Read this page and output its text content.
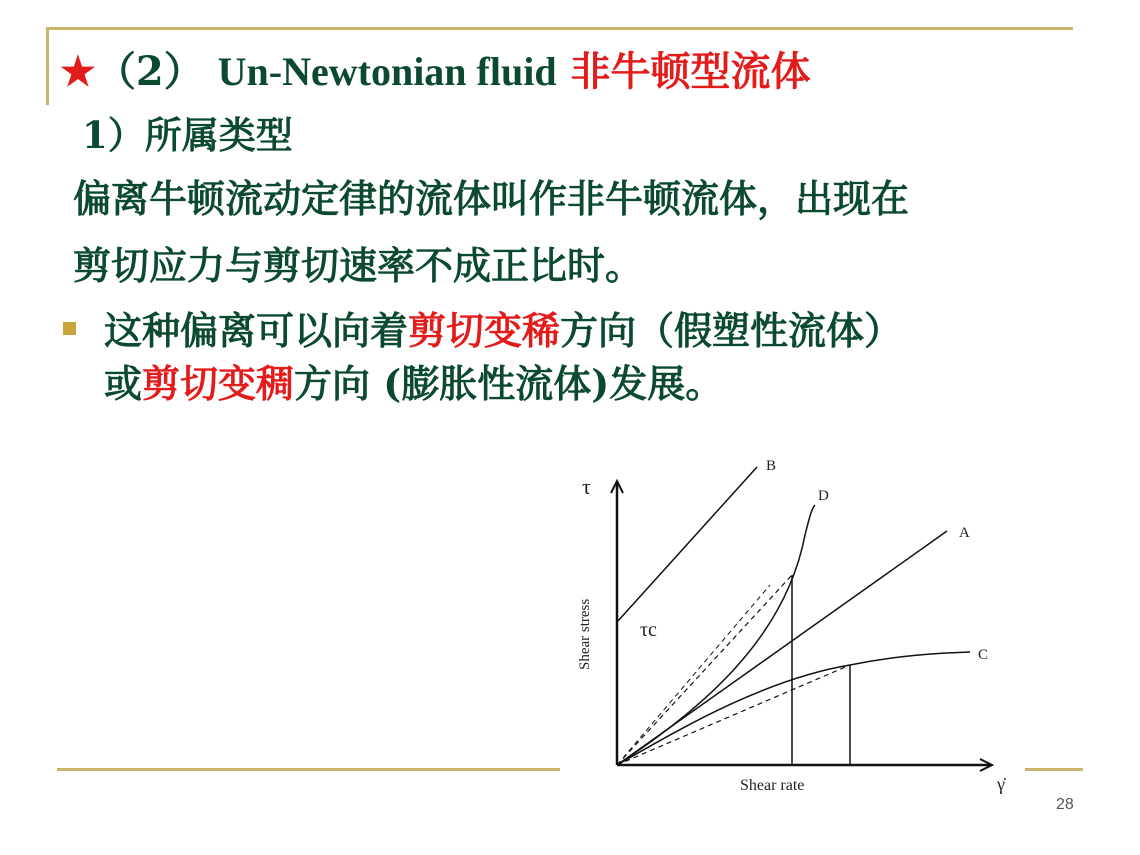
★（2） Un-Newtonian fluid 非牛顿型流体
1）所属类型
偏离牛顿流动定律的流体叫作非牛顿流体，出现在
剪切应力与剪切速率不成正比时。
这种偏离可以向着剪切变稀方向（假塑性流体）
或剪切变稠方向 (膨胀性流体)发展。
B
D
A
C
τ
τc
Shear stress
Shear rate	γ̇
28
